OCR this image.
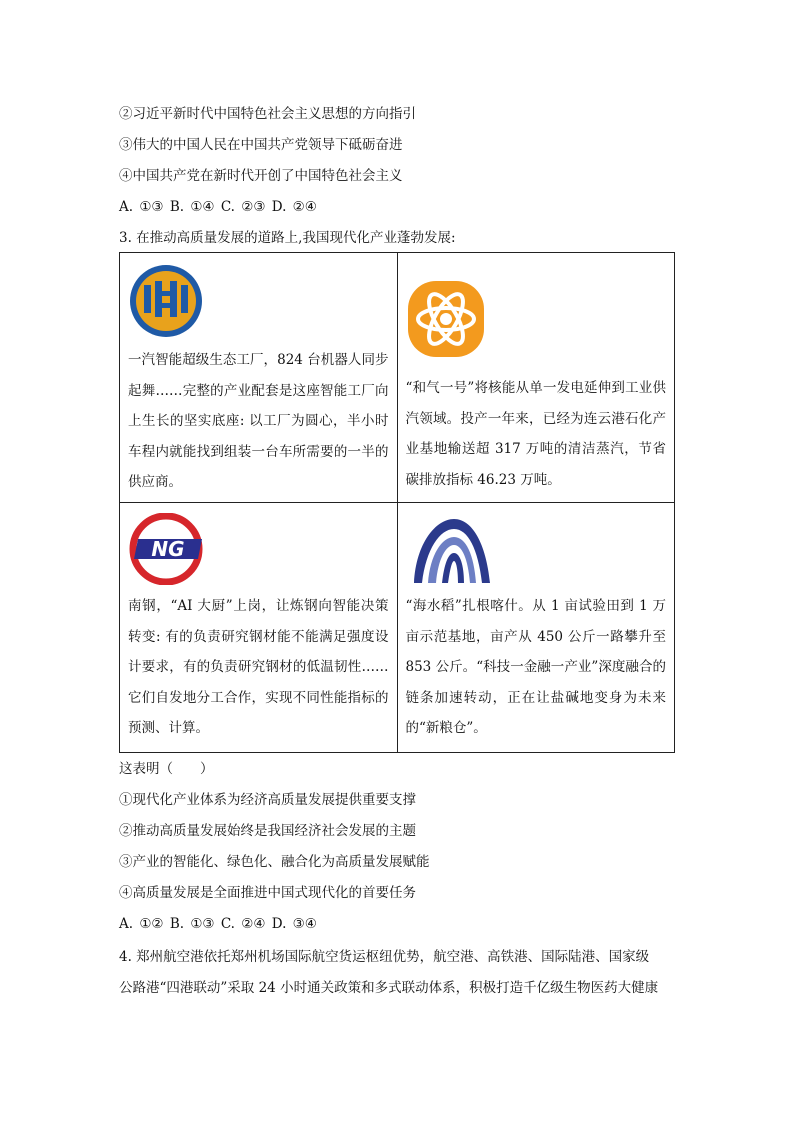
②习近平新时代中国特色社会主义思想的方向指引
③伟大的中国人民在中国共产党领导下砥砺奋进
④中国共产党在新时代开创了中国特色社会主义
A. ①③ B. ①④ C. ②③ D. ②④
3. 在推动高质量发展的道路上,我国现代化产业蓬勃发展:
一汽智能超级生态工厂，824 台机器人同步起舞……完整的产业配套是这座智能工厂向上生长的坚实底座: 以工厂为圆心，半小时车程内就能找到组装一台车所需要的一半的供应商。	“和气一号”将核能从单一发电延伸到工业供汽领域。投产一年来，已经为连云港石化产业基地输送超 317 万吨的清洁蒸汽，节省碳排放指标 46.23 万吨。

NG
南钢，“AI 大厨”上岗，让炼钢向智能决策转变: 有的负责研究钢材能不能满足强度设计要求，有的负责研究钢材的低温韧性……它们自发地分工合作，实现不同性能指标的预测、计算。	“海水稻”扎根喀什。从 1 亩试验田到 1 万亩示范基地，亩产从 450 公斤一路攀升至 853 公斤。“科技一金融一产业”深度融合的链条加速转动，正在让盐碱地变身为未来的“新粮仓”。
这表明（　　）
①现代化产业体系为经济高质量发展提供重要支撑
②推动高质量发展始终是我国经济社会发展的主题
③产业的智能化、绿色化、融合化为高质量发展赋能
④高质量发展是全面推进中国式现代化的首要任务
A. ①② B. ①③ C. ②④ D. ③④
4. 郑州航空港依托郑州机场国际航空货运枢纽优势，航空港、高铁港、国际陆港、国家级
公路港“四港联动”采取 24 小时通关政策和多式联动体系，积极打造千亿级生物医药大健康
